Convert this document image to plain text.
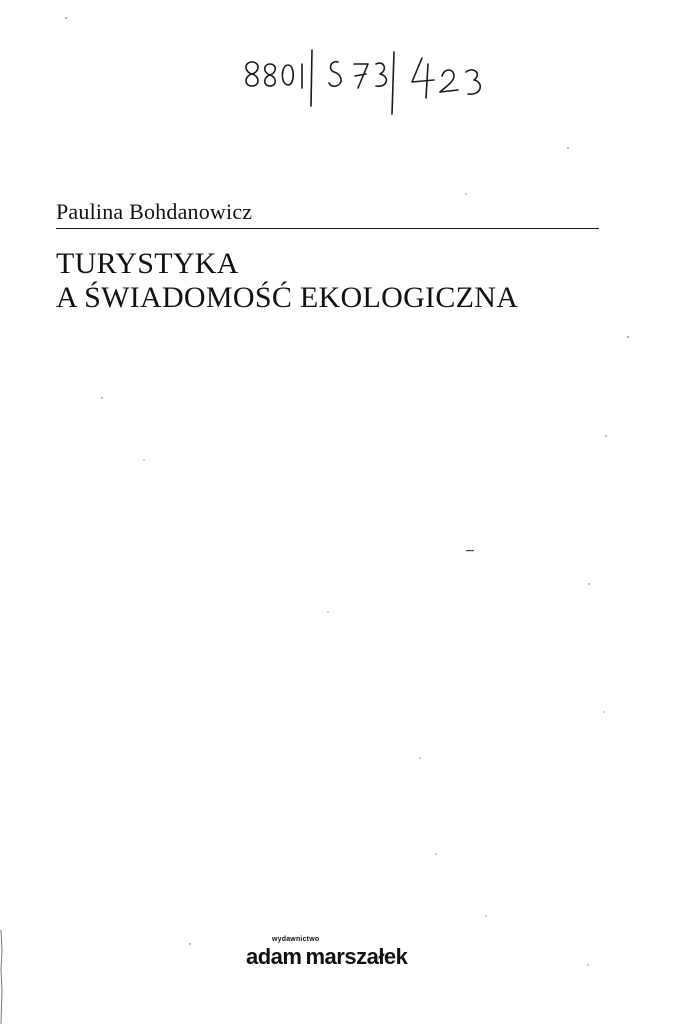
Paulina Bohdanowicz
TURYSTYKA
A ŚWIADOMOŚĆ EKOLOGICZNA
wydawnictwo
adam marszałek
